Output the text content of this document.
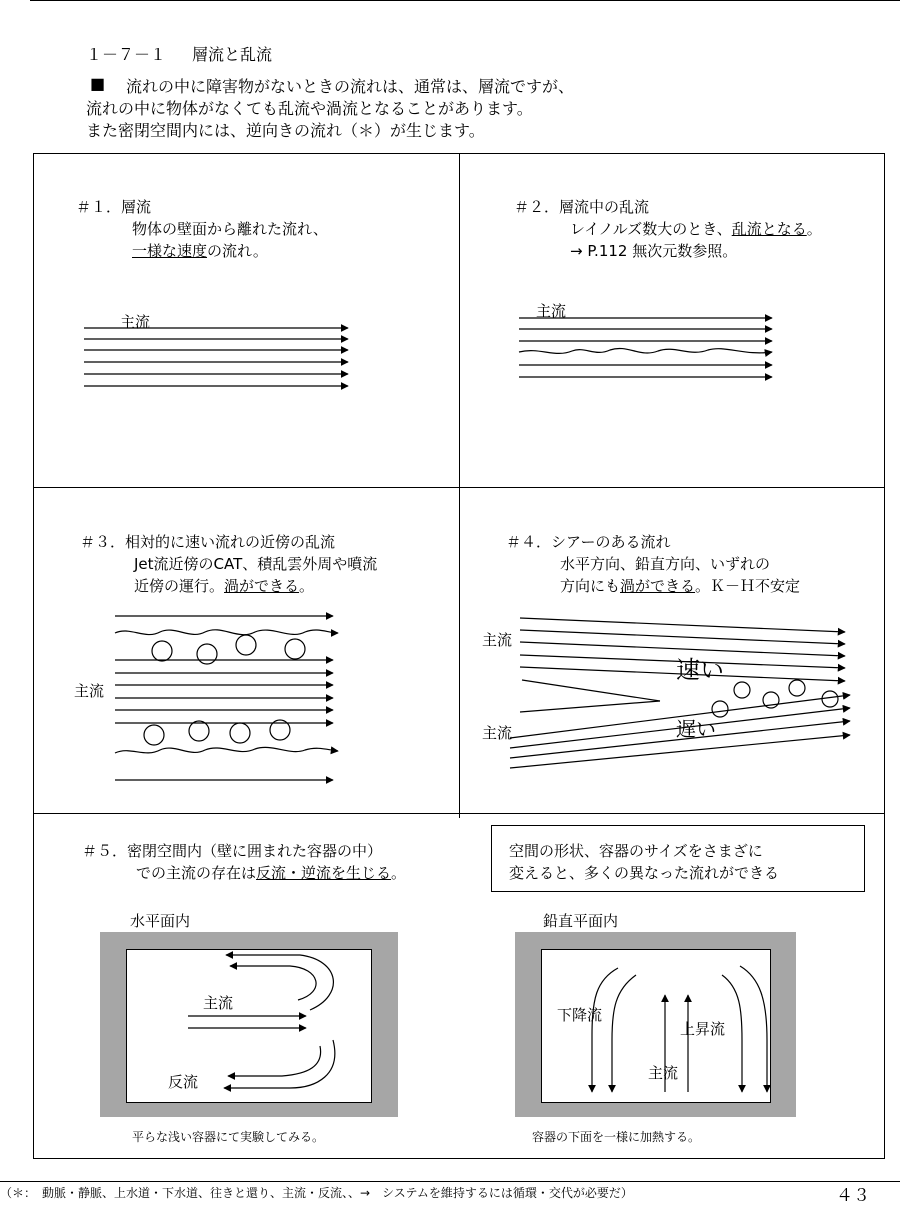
１－７－１ 層流と乱流
■ 流れの中に障害物がないときの流れは、通常は、層流ですが、
流れの中に物体がなくても乱流や渦流となることがあります。
また密閉空間内には、逆向きの流れ（＊）が生じます。
＃１．層流
物体の壁面から離れた流れ、
一様な速度の流れ。
主流
＃２．層流中の乱流
レイノルズ数大のとき、乱流となる。
→ P.112 無次元数参照。
主流
＃３．相対的に速い流れの近傍の乱流
Jet流近傍のCAT、積乱雲外周や噴流
近傍の運行。渦ができる。
主流
＃４．シアーのある流れ
水平方向、鉛直方向、いずれの
方向にも渦ができる。Ｋ－Ｈ不安定
主流
主流
速い
遅い
＃５．密閉空間内（壁に囲まれた容器の中）
での主流の存在は反流・逆流を生じる。
空間の形状、容器のサイズをさまざに
変えると、多くの異なった流れができる
水平面内	鉛直平面内
主流
反流
下降流
上昇流
主流
平らな浅い容器にて実験してみる。	容器の下面を一様に加熱する。
（＊：　動脈・静脈、上水道・下水道、往きと還り、主流・反流、、→　システムを維持するには循環・交代が必要だ）	４３
